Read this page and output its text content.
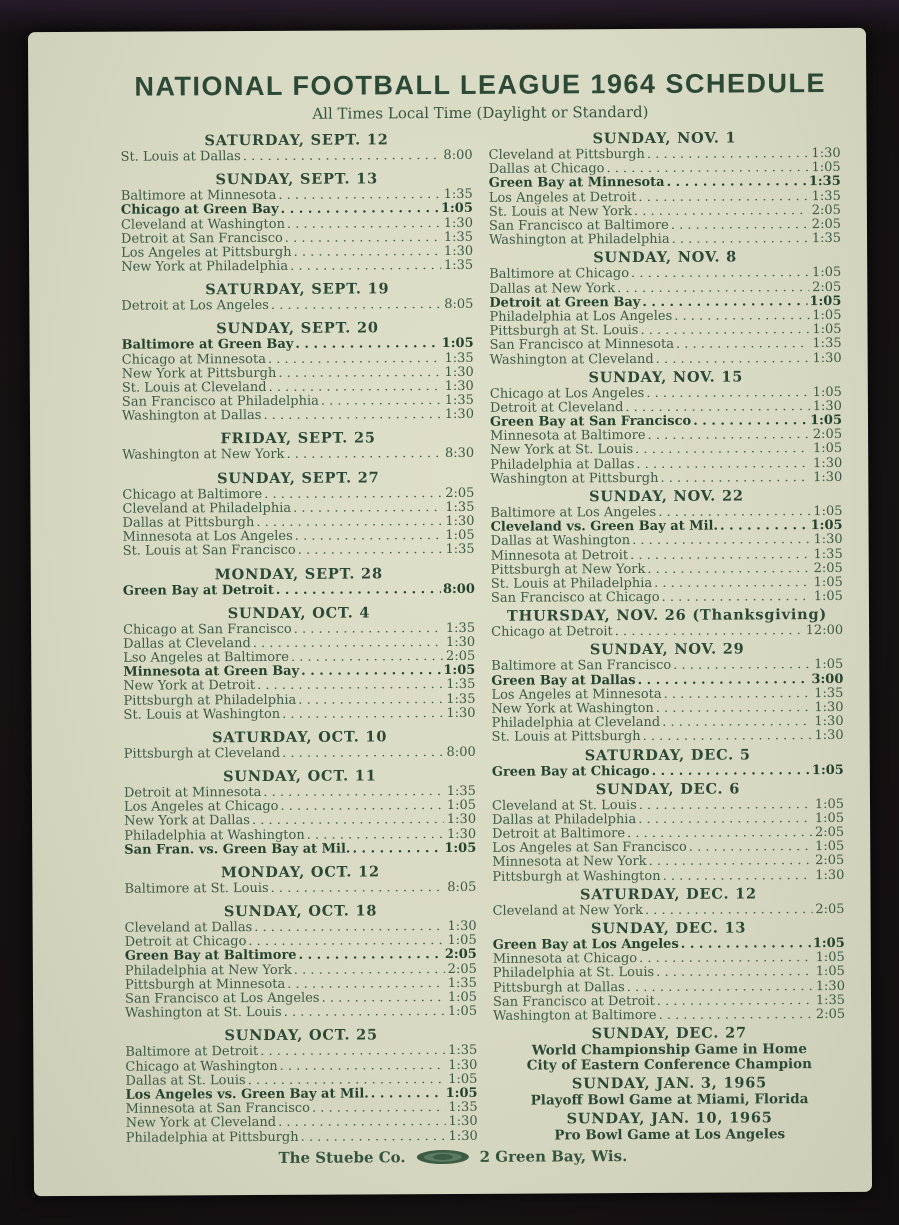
NATIONAL FOOTBALL LEAGUE 1964 SCHEDULE
All Times Local Time (Daylight or Standard)
SATURDAY, SEPT. 12
St. Louis at Dallas . . .	8:00
SUNDAY, SEPT. 13
Baltimore at Minnesota . . .	1:35
Chicago at Green Bay . . .	1:05
Cleveland at Washington . . .	1:30
Detroit at San Francisco . . .	1:35
Los Angeles at Pittsburgh . . .	1:30
New York at Philadelphia . . .	1:35
SATURDAY, SEPT. 19
Detroit at Los Angeles . . .	8:05
SUNDAY, SEPT. 20
Baltimore at Green Bay . . .	1:05
Chicago at Minnesota . . .	1:35
New York at Pittsburgh . . .	1:30
St. Louis at Cleveland . . .	1:30
San Francisco at Philadelphia . . .	1:35
Washington at Dallas . . .	1:30
FRIDAY, SEPT. 25
Washington at New York . . .	8:30
SUNDAY, SEPT. 27
Chicago at Baltimore . . .	2:05
Cleveland at Philadelphia . . .	1:35
Dallas at Pittsburgh . . .	1:30
Minnesota at Los Angeles . . .	1:05
St. Louis at San Francisco . . .	1:35
MONDAY, SEPT. 28
Green Bay at Detroit . . .	8:00
SUNDAY, OCT. 4
Chicago at San Francisco . . .	1:35
Dallas at Cleveland . . .	1:30
Lso Angeles at Baltimore . . .	2:05
Minnesota at Green Bay . . .	1:05
New York at Detroit . . .	1:35
Pittsburgh at Philadelphia . . .	1:35
St. Louis at Washington . . .	1:30
SATURDAY, OCT. 10
Pittsburgh at Cleveland . . .	8:00
SUNDAY, OCT. 11
Detroit at Minnesota . . .	1:35
Los Angeles at Chicago . . .	1:05
New York at Dallas . . .	1:30
Philadelphia at Washington . . .	1:30
San Fran. vs. Green Bay at Mil. . . .	1:05
MONDAY, OCT. 12
Baltimore at St. Louis . . .	8:05
SUNDAY, OCT. 18
Cleveland at Dallas . . .	1:30
Detroit at Chicago . . .	1:05
Green Bay at Baltimore . . .	2:05
Philadelphia at New York . . .	2:05
Pittsburgh at Minnesota . . .	1:35
San Francisco at Los Angeles . . .	1:05
Washington at St. Louis . . .	1:05
SUNDAY, OCT. 25
Baltimore at Detroit . . .	1:35
Chicago at Washington . . .	1:30
Dallas at St. Louis . . .	1:05
Los Angeles vs. Green Bay at Mil. . . .	1:05
Minnesota at San Francisco . . .	1:35
New York at Cleveland . . .	1:30
Philadelphia at Pittsburgh . . .	1:30
SUNDAY, NOV. 1
Cleveland at Pittsburgh . . .	1:30
Dallas at Chicago . . .	1:05
Green Bay at Minnesota . . .	1:35
Los Angeles at Detroit . . .	1:35
St. Louis at New York . . .	2:05
San Francisco at Baltimore . . .	2:05
Washington at Philadelphia . . .	1:35
SUNDAY, NOV. 8
Baltimore at Chicago . . .	1:05
Dallas at New York . . .	2:05
Detroit at Green Bay . . .	1:05
Philadelphia at Los Angeles . . .	1:05
Pittsburgh at St. Louis . . .	1:05
San Francisco at Minnesota . . .	1:35
Washington at Cleveland . . .	1:30
SUNDAY, NOV. 15
Chicago at Los Angeles . . .	1:05
Detroit at Cleveland . . .	1:30
Green Bay at San Francisco . . .	1:05
Minnesota at Baltimore . . .	2:05
New York at St. Louis . . .	1:05
Philadelphia at Dallas . . .	1:30
Washington at Pittsburgh . . .	1:30
SUNDAY, NOV. 22
Baltimore at Los Angeles . . .	1:05
Cleveland vs. Green Bay at Mil. . . .	1:05
Dallas at Washington . . .	1:30
Minnesota at Detroit . . .	1:35
Pittsburgh at New York . . .	2:05
St. Louis at Philadelphia . . .	1:05
San Francisco at Chicago . . .	1:05
THURSDAY, NOV. 26 (Thanksgiving)
Chicago at Detroit . . .	12:00
SUNDAY, NOV. 29
Baltimore at San Francisco . . .	1:05
Green Bay at Dallas . . .	3:00
Los Angeles at Minnesota . . .	1:35
New York at Washington . . .	1:30
Philadelphia at Cleveland . . .	1:30
St. Louis at Pittsburgh . . .	1:30
SATURDAY, DEC. 5
Green Bay at Chicago . . .	1:05
SUNDAY, DEC. 6
Cleveland at St. Louis . . .	1:05
Dallas at Philadelphia . . .	1:05
Detroit at Baltimore . . .	2:05
Los Angeles at San Francisco . . .	1:05
Minnesota at New York . . .	2:05
Pittsburgh at Washington . . .	1:30
SATURDAY, DEC. 12
Cleveland at New York . . .	2:05
SUNDAY, DEC. 13
Green Bay at Los Angeles . . .	1:05
Minnesota at Chicago . . .	1:05
Philadelphia at St. Louis . . .	1:05
Pittsburgh at Dallas . . .	1:30
San Francisco at Detroit . . .	1:35
Washington at Baltimore . . .	2:05
SUNDAY, DEC. 27
World Championship Game in Home
City of Eastern Conference Champion
SUNDAY, JAN. 3, 1965
Playoff Bowl Game at Miami, Florida
SUNDAY, JAN. 10, 1965
Pro Bowl Game at Los Angeles
The Stuebe Co.	2 Green Bay, Wis.
